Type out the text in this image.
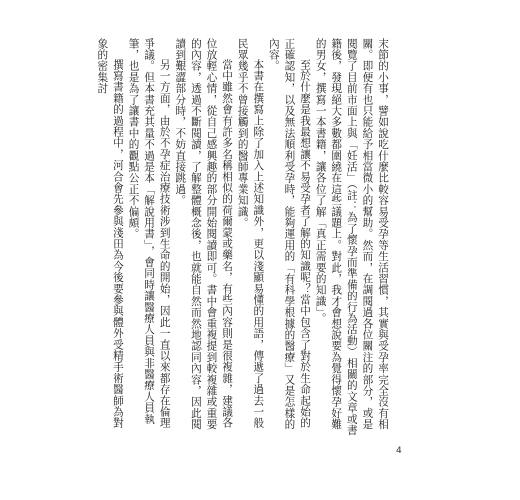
末節的小事，譬如說吃什麼比較容易受孕等生活習慣，其實與受孕率完全沒有相關。即便有也只能給予相當微小的幫助。然而，在調閱過各位關注的部分，或是閱覽了目前市面上與「妊活」（註：為了懷孕而準備的行為活動）相關的文章或書籍後，發現絕大多數都圍繞在這些議題上。對此，我才會想說要為覺得懷孕好難的男女，撰寫一本書籍，讓各位了解「真正需要的知識」。

至於什麼是我最想讓不易受孕者了解的知識呢？當中包含了對於生命起始的正確認知，以及無法順利受孕時，能夠運用的「有科學根據的醫療」又是怎樣的內容。

本書在撰寫上除了加入上述知識外，更以淺顯易懂的用語，傳遞了過去一般民眾幾乎不曾接觸到的醫師專業知識。

當中雖然會有許多名稱相似的荷爾蒙或藥名，有些內容則是很複雜，建議各位放輕心情，從自己感興趣的部分開始閱讀即可。書中會重複提到較複雜或重要的內容，透過不斷閱讀，了解整體概念後，也就能自然而然地認同內容，因此閱讀到艱澀部分時，不妨直接跳過。

另一方面，由於不孕症治療技術涉到生命的開始，因此一直以來都存在倫理爭議。但本書充其量不過是本「解說用書」，會同時讓醫療人員與非醫療人員執筆，也是為了讓書中的觀點公正不偏頗。

撰寫書籍的過程中，河合會先參與淺田為今後要參與體外受精手術醫師為對象的密集討

4
